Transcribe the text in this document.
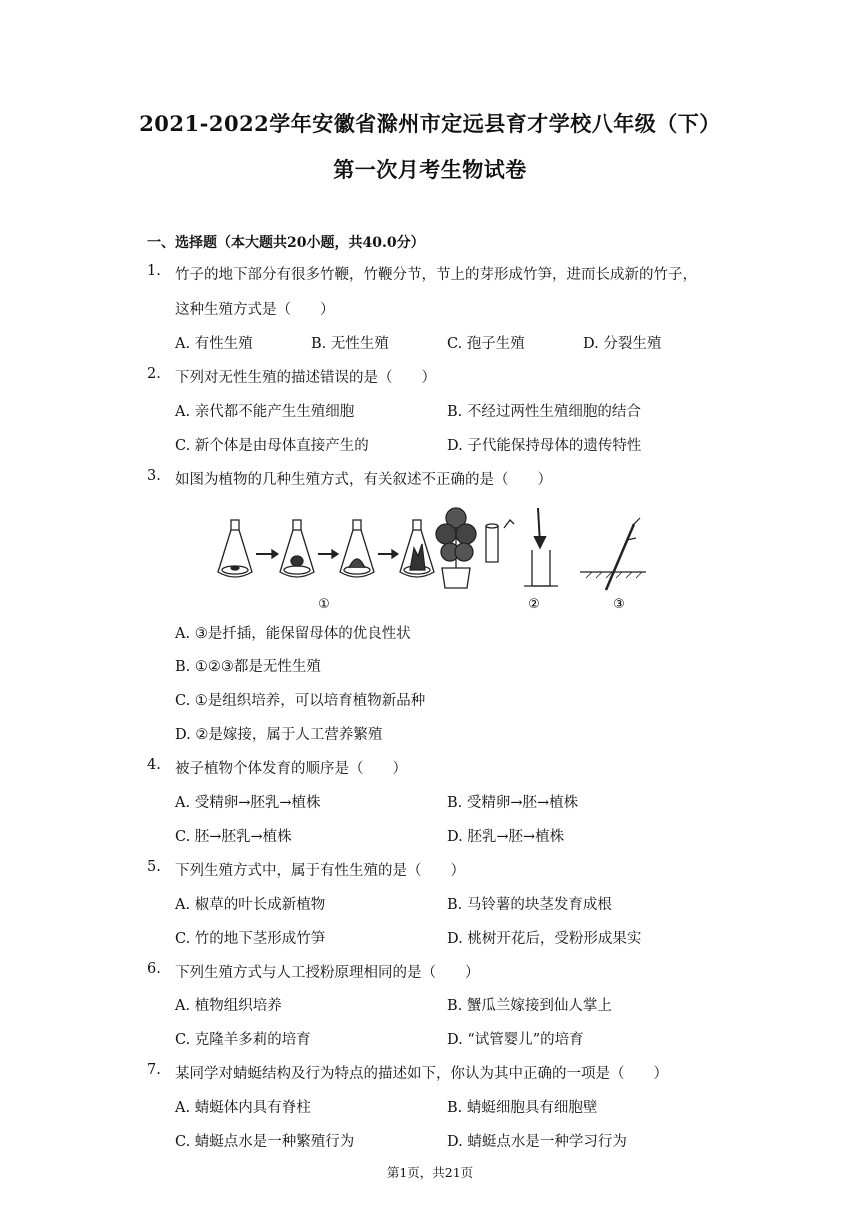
2021-2022学年安徽省滁州市定远县育才学校八年级（下）
第一次月考生物试卷
一、选择题（本大题共20小题，共40.0分）
1. 竹子的地下部分有很多竹鞭，竹鞭分节，节上的芽形成竹笋，进而长成新的竹子，
这种生殖方式是（　　）
A. 有性生殖	B. 无性生殖	C. 孢子生殖	D. 分裂生殖
2. 下列对无性生殖的描述错误的是（　　）
A. 亲代都不能产生生殖细胞	B. 不经过两性生殖细胞的结合
C. 新个体是由母体直接产生的	D. 子代能保持母体的遗传特性
3. 如图为植物的几种生殖方式，有关叙述不正确的是（　　）
①	②	③
A. ③是扦插，能保留母体的优良性状
B. ①②③都是无性生殖
C. ①是组织培养，可以培育植物新品种
D. ②是嫁接，属于人工营养繁殖
4. 被子植物个体发育的顺序是（　　）
A. 受精卵→胚乳→植株	B. 受精卵→胚→植株
C. 胚→胚乳→植株	D. 胚乳→胚→植株
5. 下列生殖方式中，属于有性生殖的是（　　）
A. 椒草的叶长成新植物	B. 马铃薯的块茎发育成根
C. 竹的地下茎形成竹笋	D. 桃树开花后，受粉形成果实
6. 下列生殖方式与人工授粉原理相同的是（　　）
A. 植物组织培养	B. 蟹瓜兰嫁接到仙人掌上
C. 克隆羊多莉的培育	D. “试管婴儿”的培育
7. 某同学对蜻蜓结构及行为特点的描述如下，你认为其中正确的一项是（　　）
A. 蜻蜓体内具有脊柱	B. 蜻蜓细胞具有细胞壁
C. 蜻蜓点水是一种繁殖行为	D. 蜻蜓点水是一种学习行为
第1页，共21页
